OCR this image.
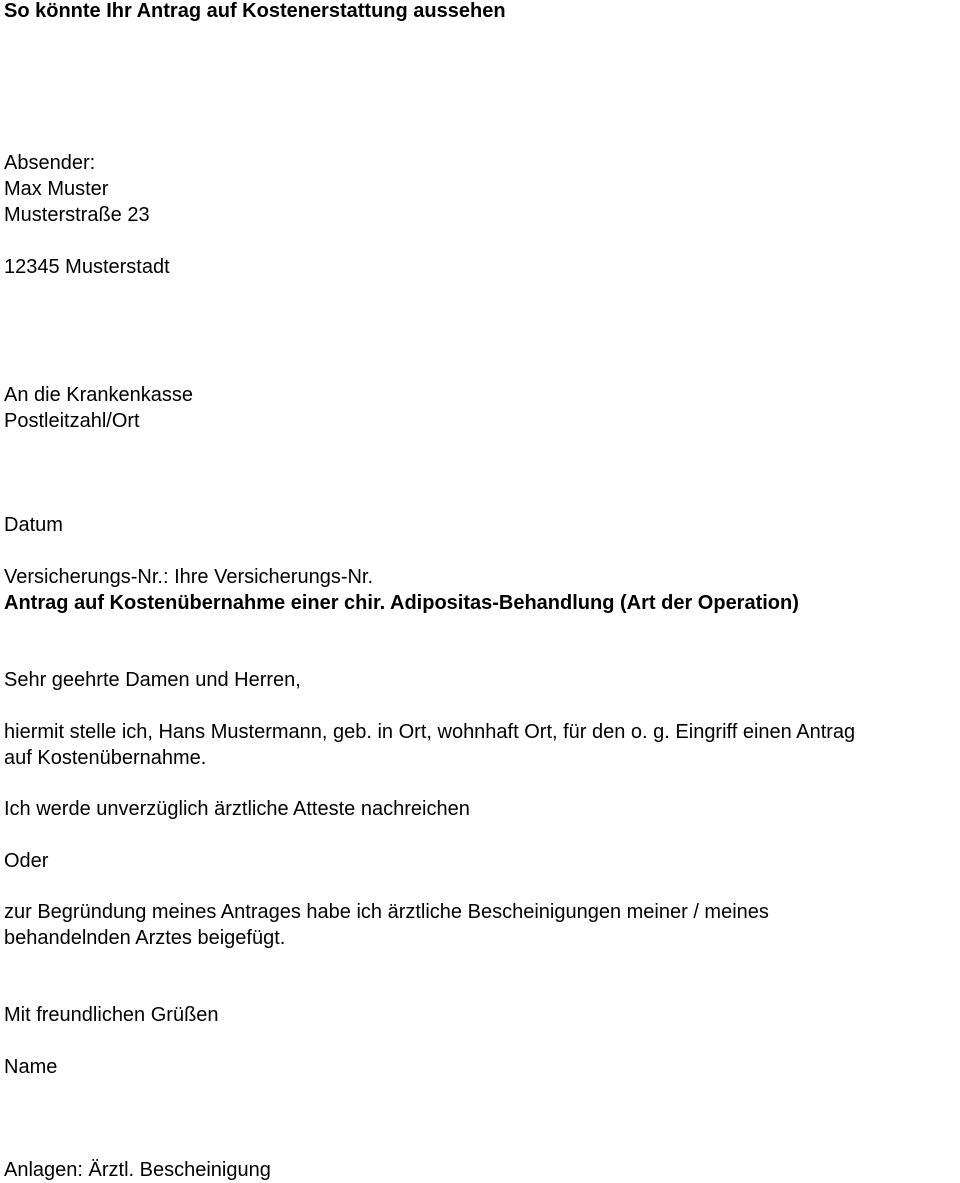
So könnte Ihr Antrag auf Kostenerstattung aussehen

Absender:

Max Muster

Musterstraße 23

12345 Musterstadt

An die Krankenkasse

Postleitzahl/Ort

Datum

Versicherungs-Nr.: Ihre Versicherungs-Nr.

Antrag auf Kostenübernahme einer chir. Adipositas-Behandlung (Art der Operation)

Sehr geehrte Damen und Herren,

hiermit stelle ich, Hans Mustermann, geb. in Ort, wohnhaft Ort, für den o. g. Eingriff einen Antrag

auf Kostenübernahme.

Ich werde unverzüglich ärztliche Atteste nachreichen

Oder

zur Begründung meines Antrages habe ich ärztliche Bescheinigungen meiner / meines

behandelnden Arztes beigefügt.

Mit freundlichen Grüßen

Name

Anlagen: Ärztl. Bescheinigung
